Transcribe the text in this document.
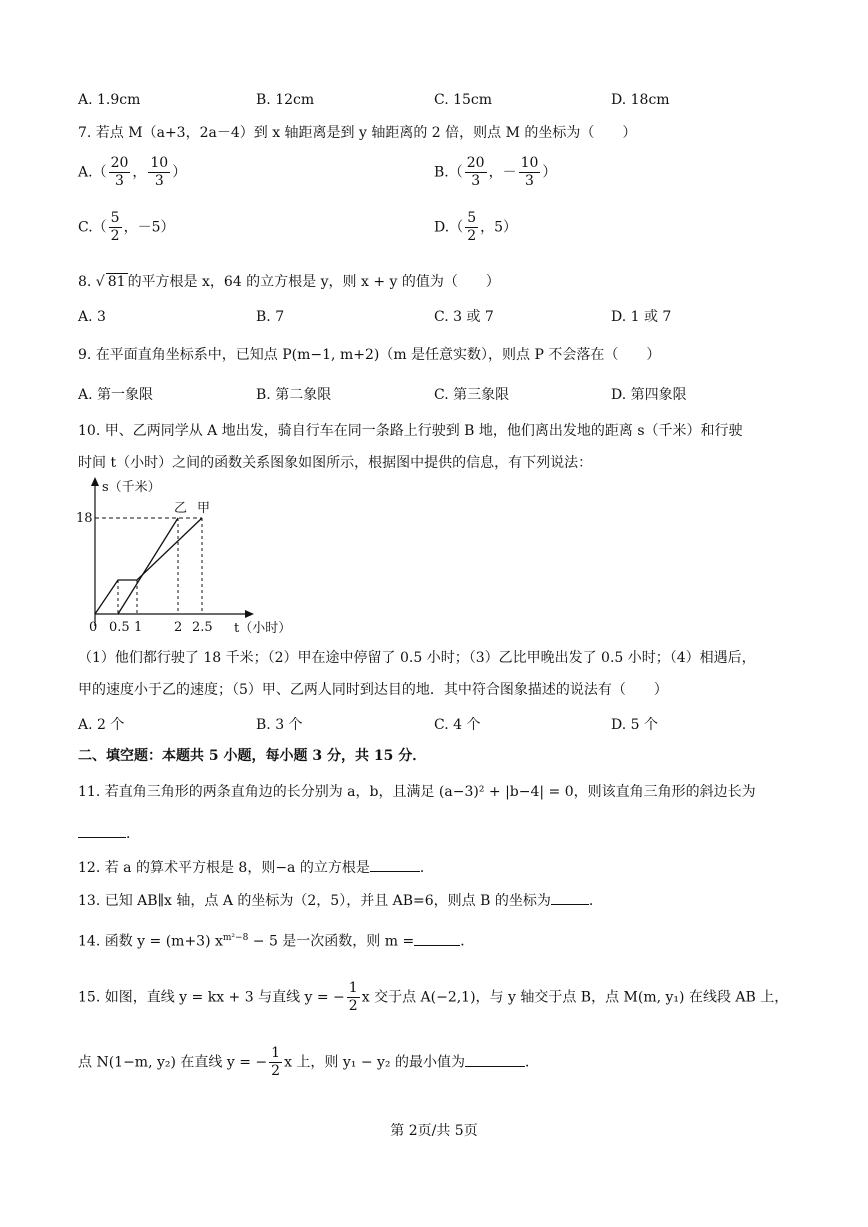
A. 1.9cm	B. 12cm	C. 15cm	D. 18cm
7. 若点 M（a+3，2a－4）到 x 轴距离是到 y 轴距离的 2 倍，则点 M 的坐标为（　　）
$A.( \frac{20}{3}$ ， $\frac{10}{3}$ ）	$B.( \frac{20}{3}$ ，－ $\frac{10}{3}$ ）
$C.( \frac{5}{2}$ ，－5）	$D.( \frac{5}{2}$ ，5）
8. √ 81 的平方根是 x，64 的立方根是 y，则 x + y 的值为（　　）
A. 3	B. 7	C. 3 或 7	D. 1 或 7
9. 在平面直角坐标系中，已知点 P(m−1, m+2)（m 是任意实数），则点 P 不会落在（　　）
A. 第一象限	B. 第二象限	C. 第三象限	D. 第四象限
10. 甲、乙两同学从 A 地出发，骑自行车在同一条路上行驶到 B 地，他们离出发地的距离 s（千米）和行驶
时间 t（小时）之间的函数关系图象如图所示，根据图中提供的信息，有下列说法：
s（千米）
18
乙 甲
0 0.5 1 2 2.5 t（小时）
（1）他们都行驶了 18 千米；（2）甲在途中停留了 0.5 小时；（3）乙比甲晚出发了 0.5 小时；（4）相遇后，
甲的速度小于乙的速度；（5）甲、乙两人同时到达目的地．其中符合图象描述的说法有（　　）
A. 2 个	B. 3 个	C. 4 个	D. 5 个
二、填空题：本题共 5 小题，每小题 3 分，共 15 分．
11. 若直角三角形的两条直角边的长分别为 a，b，且满足 (a−3)² + |b−4| = 0，则该直角三角形的斜边长为
．
12. 若 a 的算术平方根是 8，则−a 的立方根是	．
13. 已知 AB∥x 轴，点 A 的坐标为（2，5），并且 AB=6，则点 B 的坐标为	．
14. 函数 y = (m+3) $x^{m^2-8} - 5$ 是一次函数，则 m =	．
15. 如图，直线 y = kx + 3 与直线 y = − $\frac{1}{2}$ x 交于点 A(−2,1)，与 y 轴交于点 B，点 M(m, y₁) 在线段 AB 上，
点 N(1−m, y₂) 在直线 y = − $\frac{1}{2}$ x 上，则 y₁ − y₂ 的最小值为	．
第 2页/共 5页
